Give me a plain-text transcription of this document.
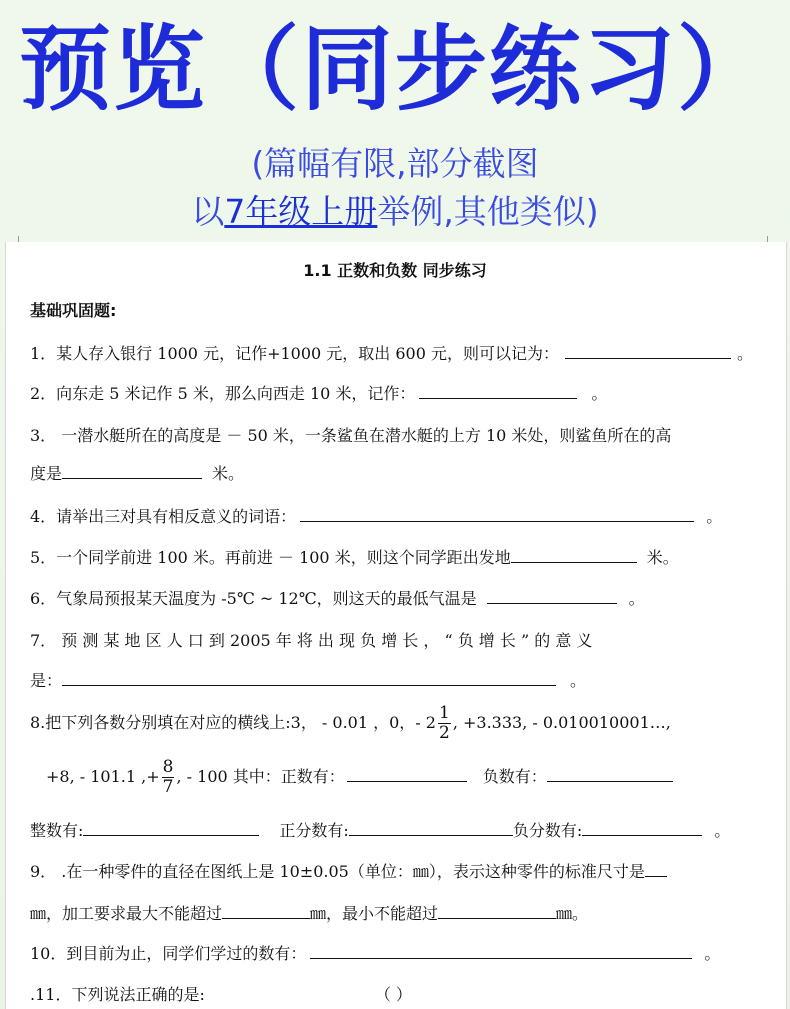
预览（同步练习）
(篇幅有限,部分截图
以7年级上册举例,其他类似)
1.1 正数和负数 同步练习
基础巩固题:
1．某人存入银行 1000 元，记作+1000 元，取出 600 元，则可以记为：	。
2．向东走 5 米记作 5 米，那么向西走 10 米，记作：	。
3． 一潜水艇所在的高度是 － 50 米，一条鲨鱼在潜水艇的上方 10 米处，则鲨鱼所在的高
度是	米。
4．请举出三对具有相反意义的词语：	。
5．一个同学前进 100 米。再前进 － 100 米，则这个同学距出发地	米。
6．气象局预报某天温度为 -5℃ ~ 12℃，则这天的最低气温是	。
7． 预 测 某 地 区 人 口 到 2005 年 将 出 现 负 增 长 ， “ 负 增 长 ” 的 意 义
是：	。
8.把下列各数分别填在对应的横线上:3， - 0.01 ，0，- $2 \frac{1}{2}$ , +3.333, - 0.010010001…,
+8, - 101.1 ,+ $\frac{8}{7}$ , - 100 其中：正数有：	负数有：
整数有:	正分数有:	负分数有:	。
9． .在一种零件的直径在图纸上是 10±0.05（单位：㎜），表示这种零件的标准尺寸是
㎜，加工要求最大不能超过	㎜，最小不能超过	㎜。
10．到目前为止，同学们学过的数有：	。
.11．下列说法正确的是:	（ ）
